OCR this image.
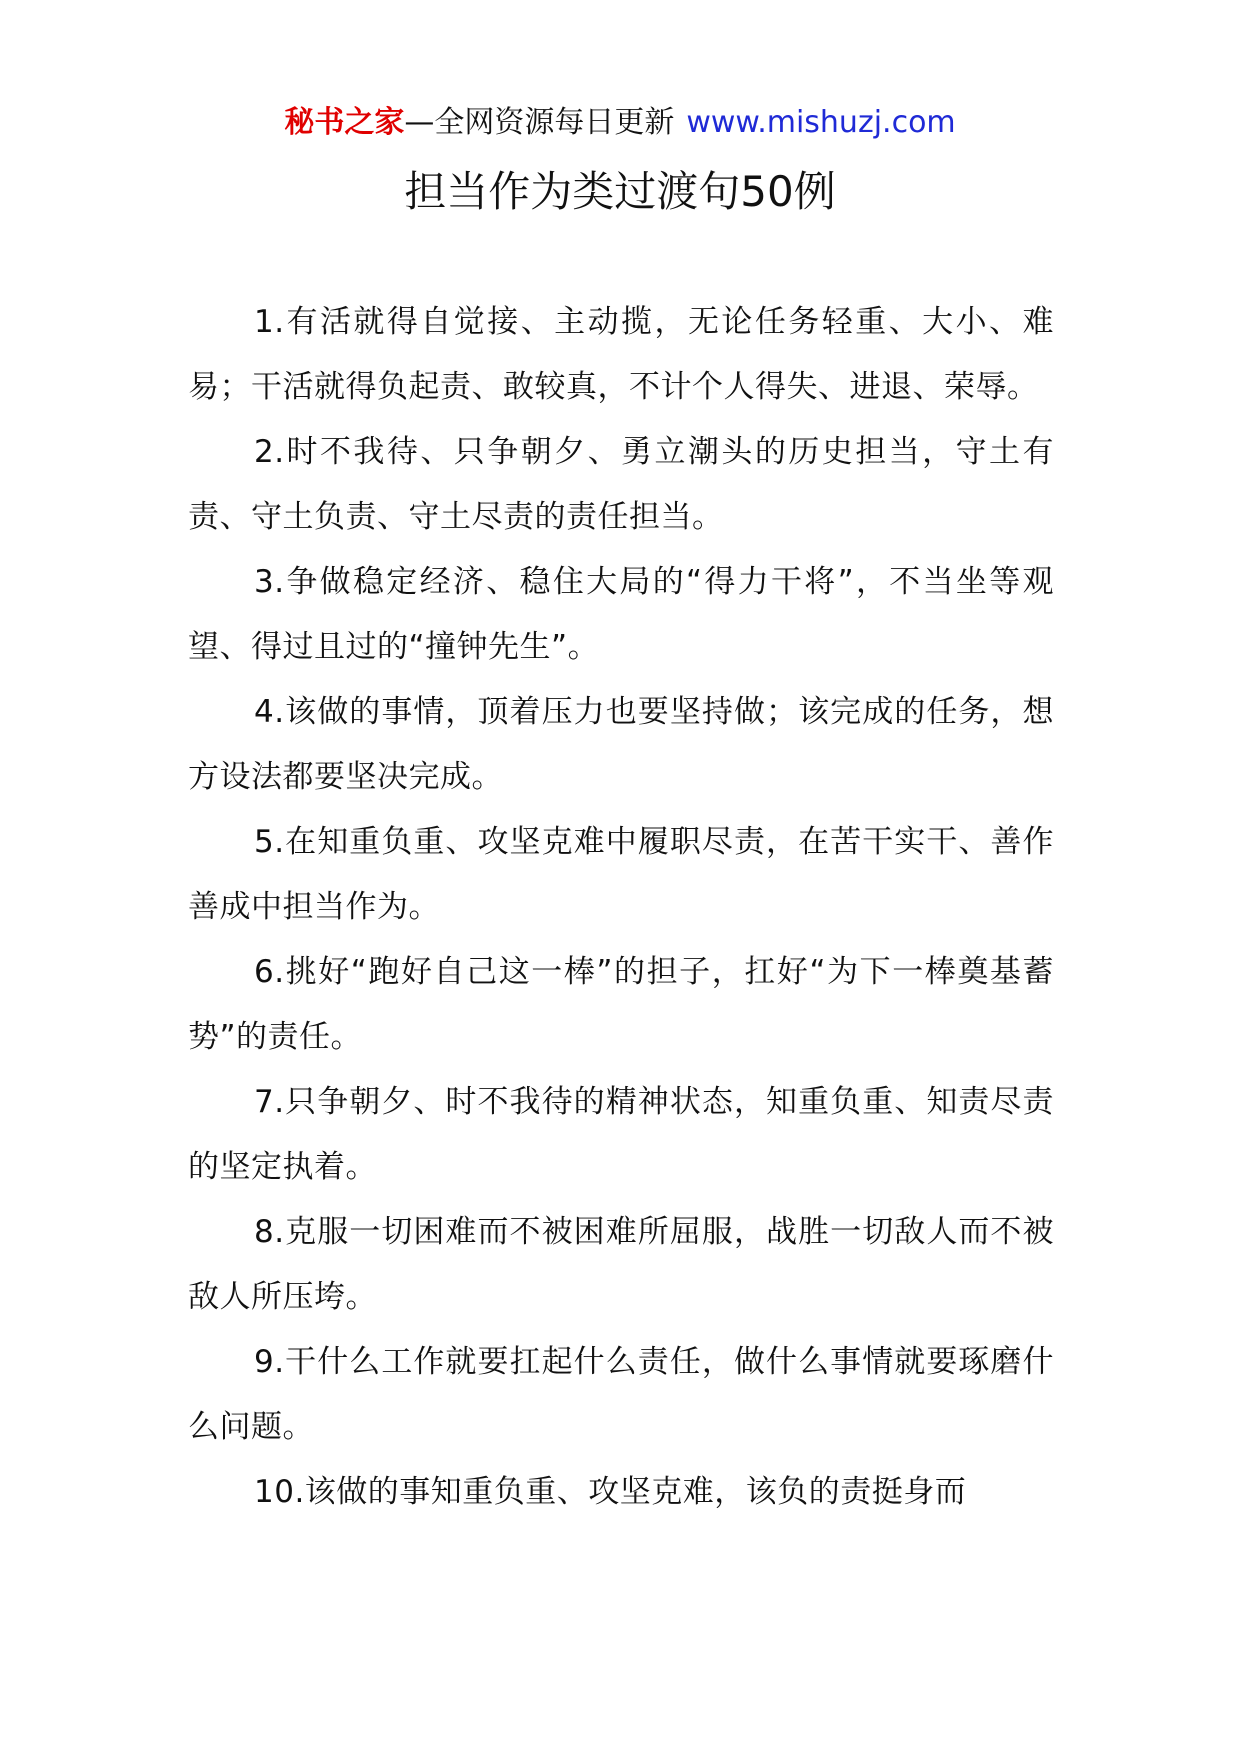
秘书之家—全网资源每日更新 www.mishuzj.com
担当作为类过渡句50例

1.有活就得自觉接、主动揽，无论任务轻重、大小、难易；干活就得负起责、敢较真，不计个人得失、进退、荣辱。

2.时不我待、只争朝夕、勇立潮头的历史担当，守土有责、守土负责、守土尽责的责任担当。

3.争做稳定经济、稳住大局的“得力干将”，不当坐等观望、得过且过的“撞钟先生”。

4.该做的事情，顶着压力也要坚持做；该完成的任务，想方设法都要坚决完成。

5.在知重负重、攻坚克难中履职尽责，在苦干实干、善作善成中担当作为。

6.挑好“跑好自己这一棒”的担子，扛好“为下一棒奠基蓄势”的责任。

7.只争朝夕、时不我待的精神状态，知重负重、知责尽责的坚定执着。

8.克服一切困难而不被困难所屈服，战胜一切敌人而不被敌人所压垮。

9.干什么工作就要扛起什么责任，做什么事情就要琢磨什么问题。

10.该做的事知重负重、攻坚克难，该负的责挺身而
